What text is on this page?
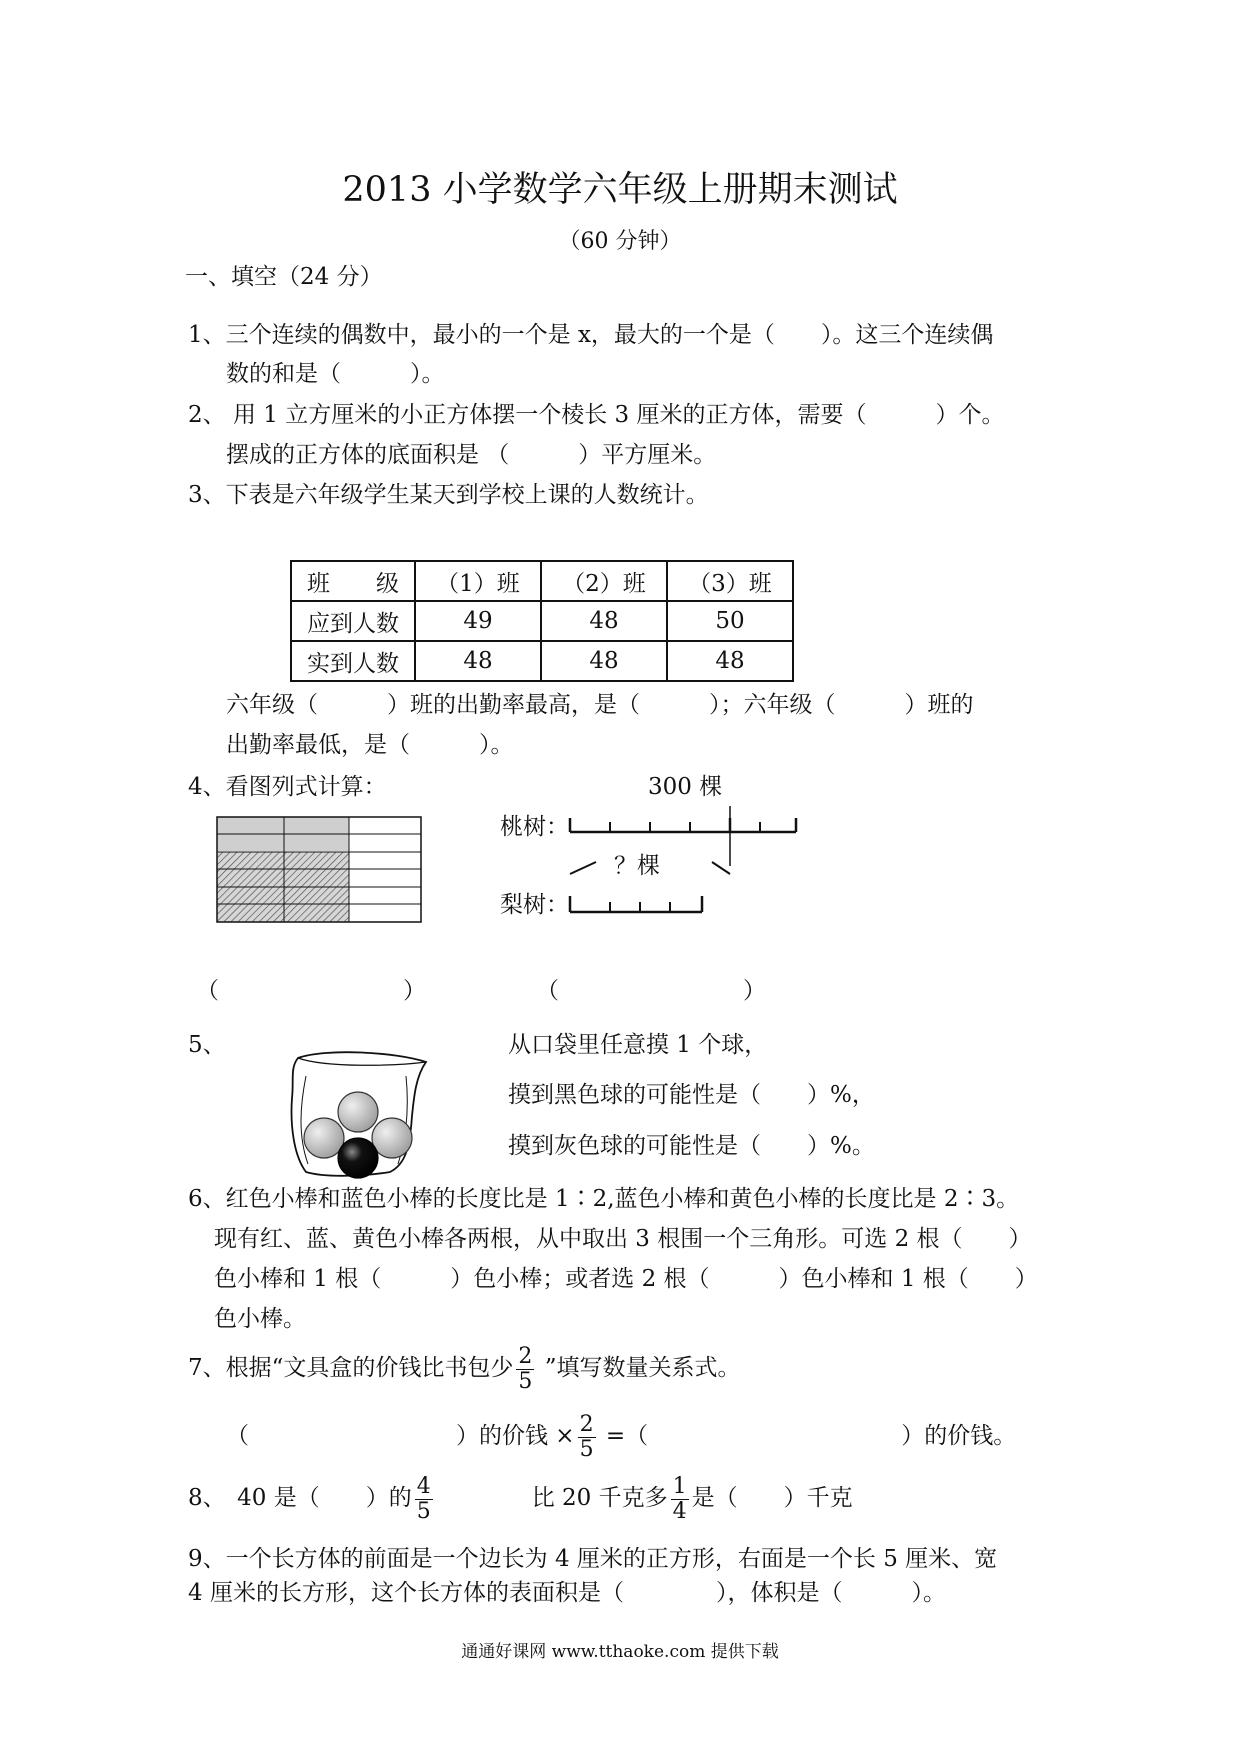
2013 小学数学六年级上册期末测试
（60 分钟）
一、填空（24 分）
1、三个连续的偶数中，最小的一个是 x，最大的一个是（　　）。这三个连续偶
数的和是（　　　）。
2、 用 1 立方厘米的小正方体摆一个棱长 3 厘米的正方体，需要（　　　）个。
摆成的正方体的底面积是 （　　　）平方厘米。
3、下表是六年级学生某天到学校上课的人数统计。
班　　级	（1）班	（2）班	（3）班
应到人数	49	48	50
实到人数	48	48	48
六年级（　　　）班的出勤率最高，是（　　　）；六年级（　　　）班的
出勤率最低，是（　　　）。
4、看图列式计算：	300 棵
桃树：
梨树：
？棵
（　　　　　　　　）	（　　　　　　　　）
5、	从口袋里任意摸 1 个球，
摸到黑色球的可能性是（　　）%，
摸到灰色球的可能性是（　　）%。
6、红色小棒和蓝色小棒的长度比是 1∶2,蓝色小棒和黄色小棒的长度比是 2∶3。
现有红、蓝、黄色小棒各两根，从中取出 3 根围一个三角形。可选 2 根（　　）
色小棒和 1 根（　　　）色小棒；或者选 2 根（　　　）色小棒和 1 根（　　）
色小棒。
7、根据“文具盒的价钱比书包少 $\frac{2}{5}$ ”填写数量关系式。
（　　　　　　　　　）的价钱 × $\frac{2}{5}$ =（　　　　　　　　　　　）的价钱。
8、　40 是（　　）的 $\frac{4}{5}$	比 20 千克多 $\frac{1}{4}$ 是（　　）千克
9、一个长方体的前面是一个边长为 4 厘米的正方形，右面是一个长 5 厘米、宽
4 厘米的长方形，这个长方体的表面积是（　　　　），体积是（　　　）。
通通好课网 www.tthaoke.com 提供下载
